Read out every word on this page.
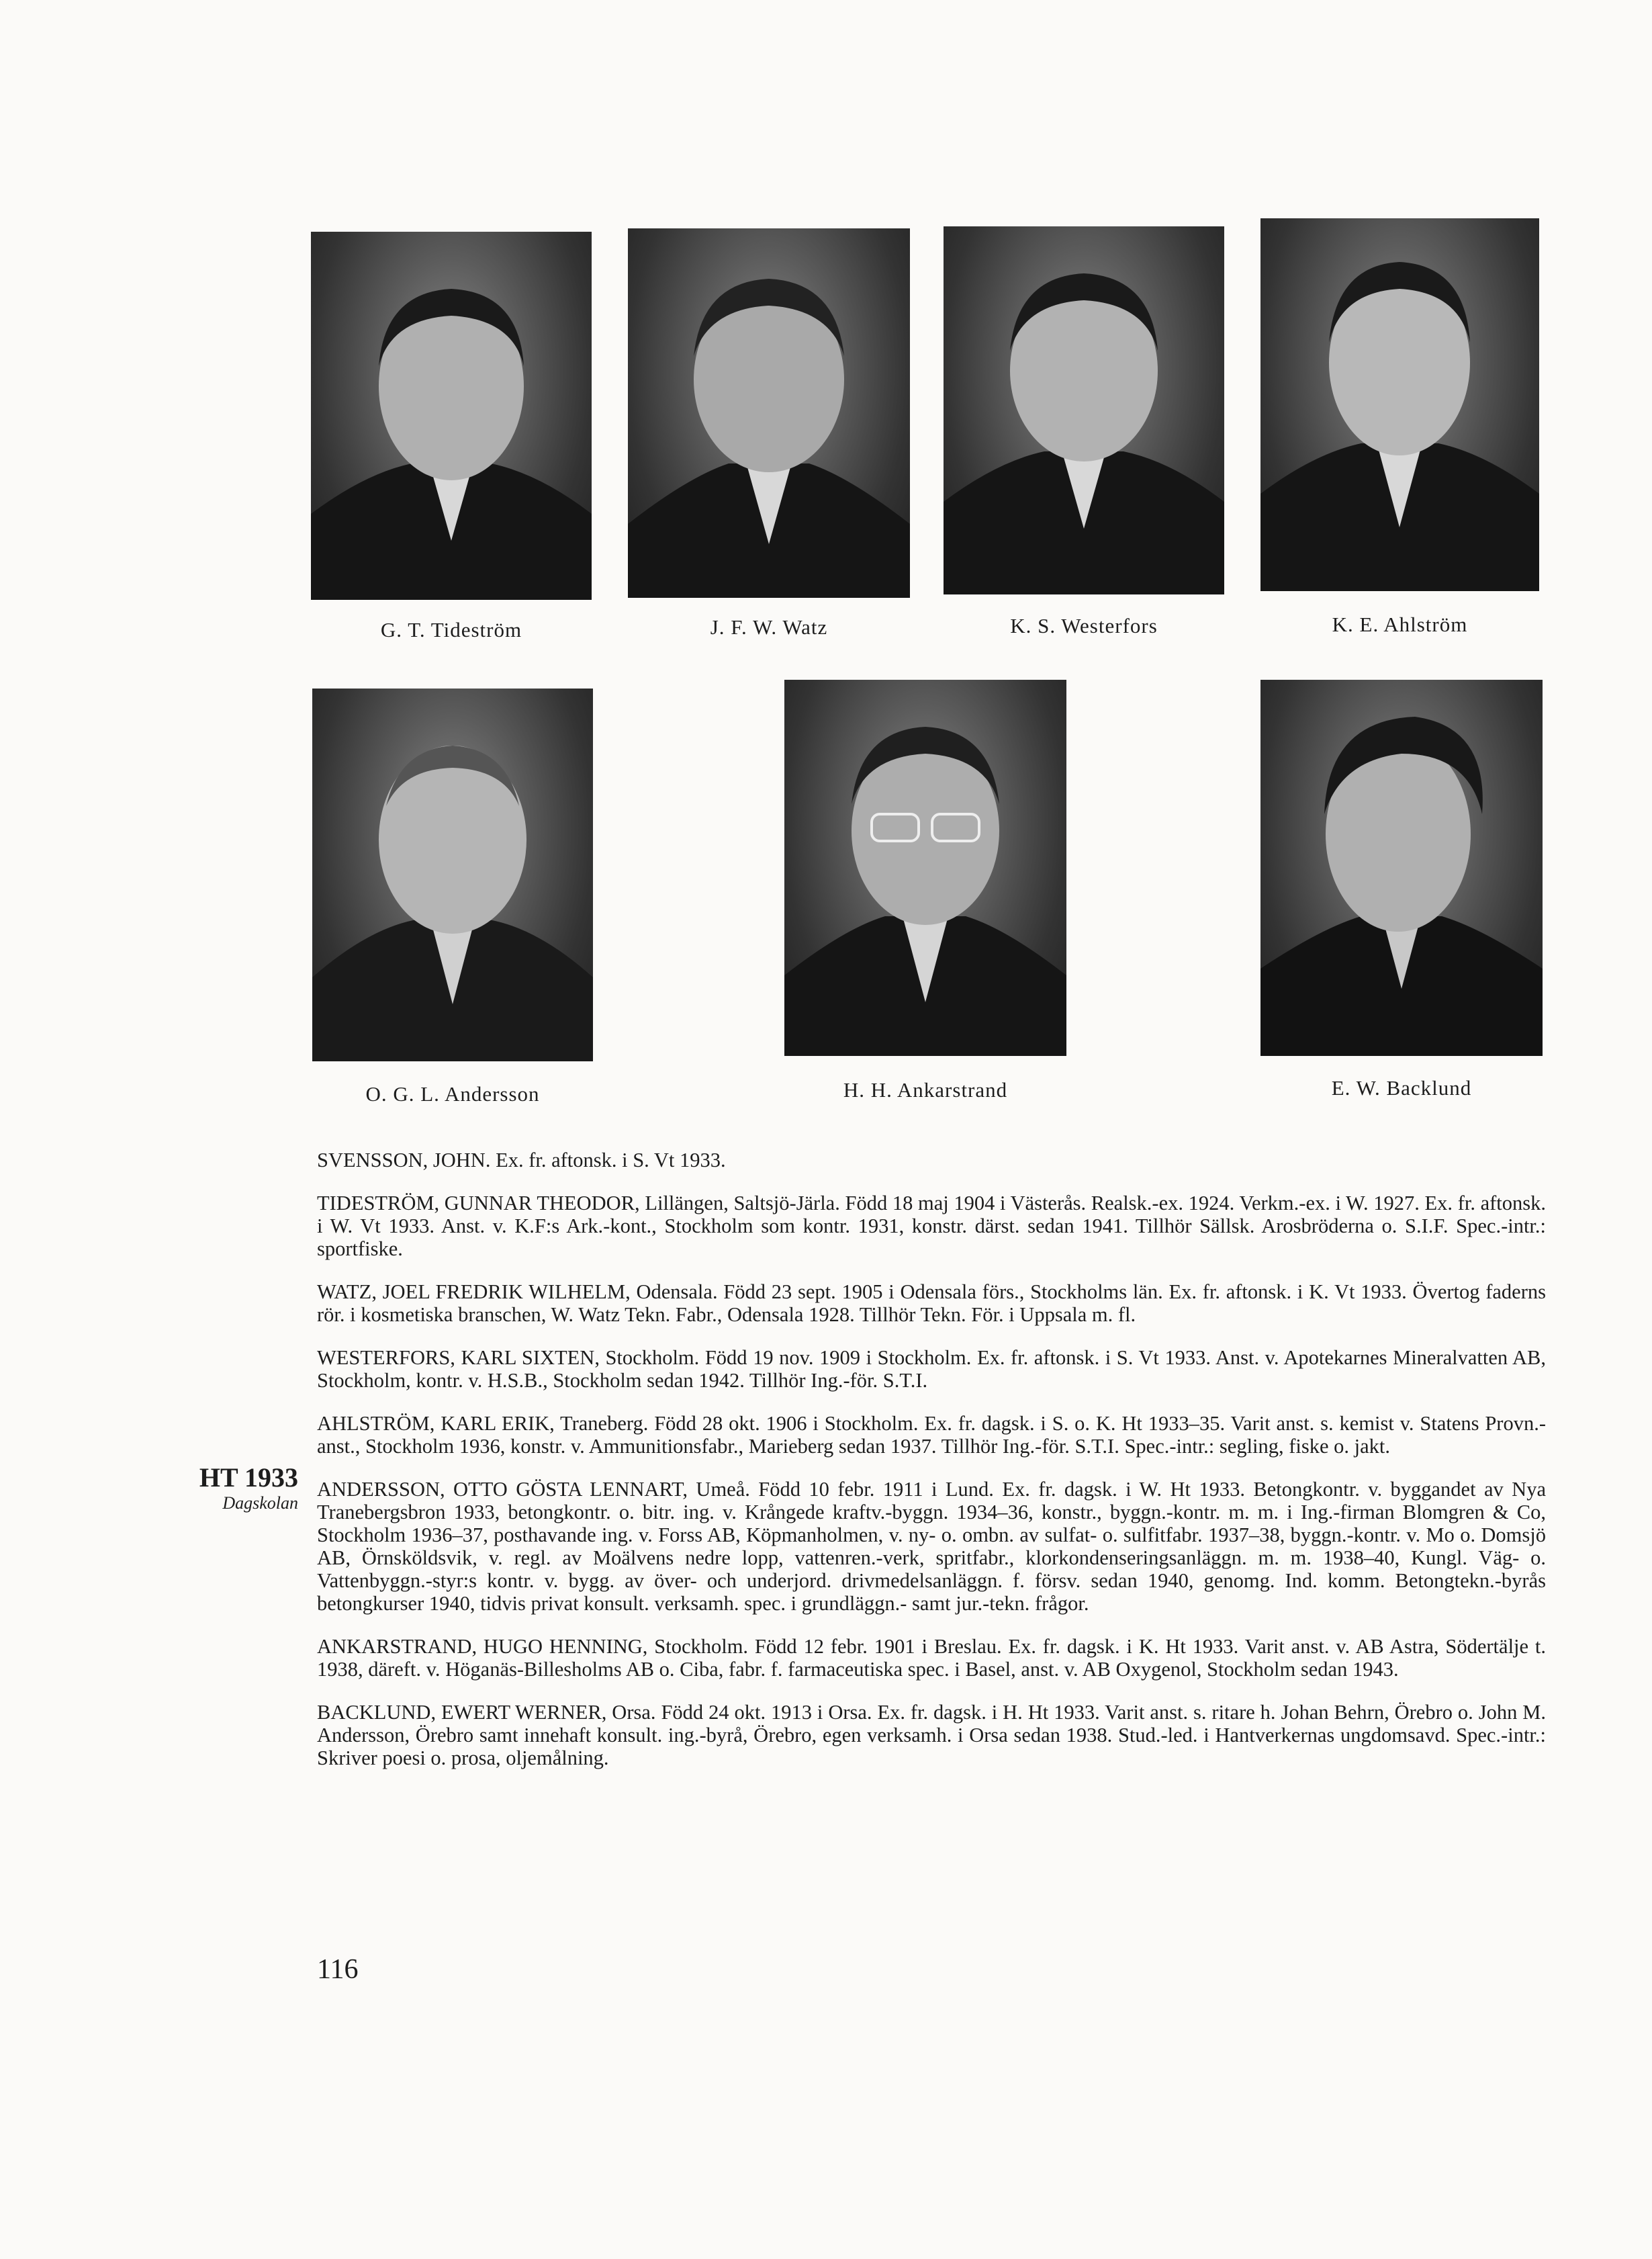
G. T. Tideström	J. F. W. Watz	K. S. Westerfors	K. E. Ahlström
O. G. L. Andersson	H. H. Ankarstrand	E. W. Backlund
HT 1933
Dagskolan

SVENSSON, JOHN. Ex. fr. aftonsk. i S. Vt 1933.

TIDESTRÖM, GUNNAR THEODOR, Lillängen, Saltsjö-Järla. Född 18 maj 1904 i Västerås. Realsk.-ex. 1924. Verkm.-ex. i W. 1927. Ex. fr. aftonsk. i W. Vt 1933. Anst. v. K.F:s Ark.-kont., Stockholm som kontr. 1931, konstr. därst. sedan 1941. Tillhör Sällsk. Arosbröderna o. S.I.F. Spec.-intr.: sportfiske.

WATZ, JOEL FREDRIK WILHELM, Odensala. Född 23 sept. 1905 i Odensala förs., Stockholms län. Ex. fr. aftonsk. i K. Vt 1933. Övertog faderns rör. i kosmetiska branschen, W. Watz Tekn. Fabr., Odensala 1928. Tillhör Tekn. För. i Uppsala m. fl.

WESTERFORS, KARL SIXTEN, Stockholm. Född 19 nov. 1909 i Stockholm. Ex. fr. aftonsk. i S. Vt 1933. Anst. v. Apotekarnes Mineralvatten AB, Stockholm, kontr. v. H.S.B., Stockholm sedan 1942. Tillhör Ing.-för. S.T.I.

AHLSTRÖM, KARL ERIK, Traneberg. Född 28 okt. 1906 i Stockholm. Ex. fr. dagsk. i S. o. K. Ht 1933–35. Varit anst. s. kemist v. Statens Provn.-anst., Stockholm 1936, konstr. v. Ammunitionsfabr., Marieberg sedan 1937. Tillhör Ing.-för. S.T.I. Spec.-intr.: segling, fiske o. jakt.

ANDERSSON, OTTO GÖSTA LENNART, Umeå. Född 10 febr. 1911 i Lund. Ex. fr. dagsk. i W. Ht 1933. Betongkontr. v. byggandet av Nya Tranebergsbron 1933, betongkontr. o. bitr. ing. v. Krångede kraftv.-byggn. 1934–36, konstr., byggn.-kontr. m. m. i Ing.-firman Blomgren & Co, Stockholm 1936–37, posthavande ing. v. Forss AB, Köpmanholmen, v. ny- o. ombn. av sulfat- o. sulfitfabr. 1937–38, byggn.-kontr. v. Mo o. Domsjö AB, Örnsköldsvik, v. regl. av Moälvens nedre lopp, vattenren.-verk, spritfabr., klorkondenseringsanläggn. m. m. 1938–40, Kungl. Väg- o. Vattenbyggn.-styr:s kontr. v. bygg. av över- och underjord. drivmedelsanläggn. f. försv. sedan 1940, genomg. Ind. komm. Betongtekn.-byrås betongkurser 1940, tidvis privat konsult. verksamh. spec. i grundläggn.- samt jur.-tekn. frågor.

ANKARSTRAND, HUGO HENNING, Stockholm. Född 12 febr. 1901 i Breslau. Ex. fr. dagsk. i K. Ht 1933. Varit anst. v. AB Astra, Södertälje t. 1938, däreft. v. Höganäs-Billesholms AB o. Ciba, fabr. f. farmaceutiska spec. i Basel, anst. v. AB Oxygenol, Stockholm sedan 1943.

BACKLUND, EWERT WERNER, Orsa. Född 24 okt. 1913 i Orsa. Ex. fr. dagsk. i H. Ht 1933. Varit anst. s. ritare h. Johan Behrn, Örebro o. John M. Andersson, Örebro samt innehaft konsult. ing.-byrå, Örebro, egen verksamh. i Orsa sedan 1938. Stud.-led. i Hantverkernas ungdomsavd. Spec.-intr.: Skriver poesi o. prosa, oljemålning.

116
